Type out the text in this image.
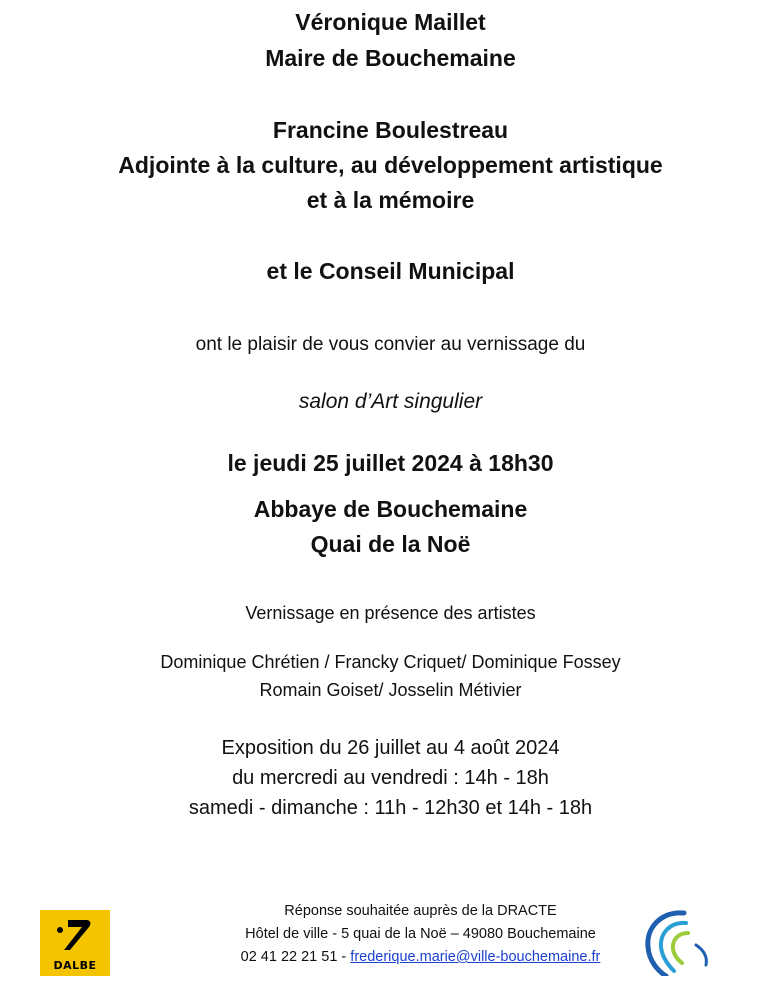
Véronique Maillet
Maire de Bouchemaine
Francine Boulestreau
Adjointe à la culture, au développement artistique
et à la mémoire
et le Conseil Municipal
ont le plaisir de vous convier au vernissage du
salon d’Art singulier
le jeudi 25 juillet 2024 à 18h30
Abbaye de Bouchemaine
Quai de la Noë
Vernissage en présence des artistes
Dominique Chrétien / Francky Criquet/ Dominique Fossey
Romain Goiset/ Josselin Métivier
Exposition du 26 juillet au 4 août 2024
du mercredi au vendredi : 14h - 18h
samedi - dimanche : 11h - 12h30 et 14h - 18h
Réponse souhaitée auprès de la DRACTE
Hôtel de ville - 5 quai de la Noë – 49080 Bouchemaine
02 41 22 21 51 - frederique.marie@ville-bouchemaine.fr
DALBE
